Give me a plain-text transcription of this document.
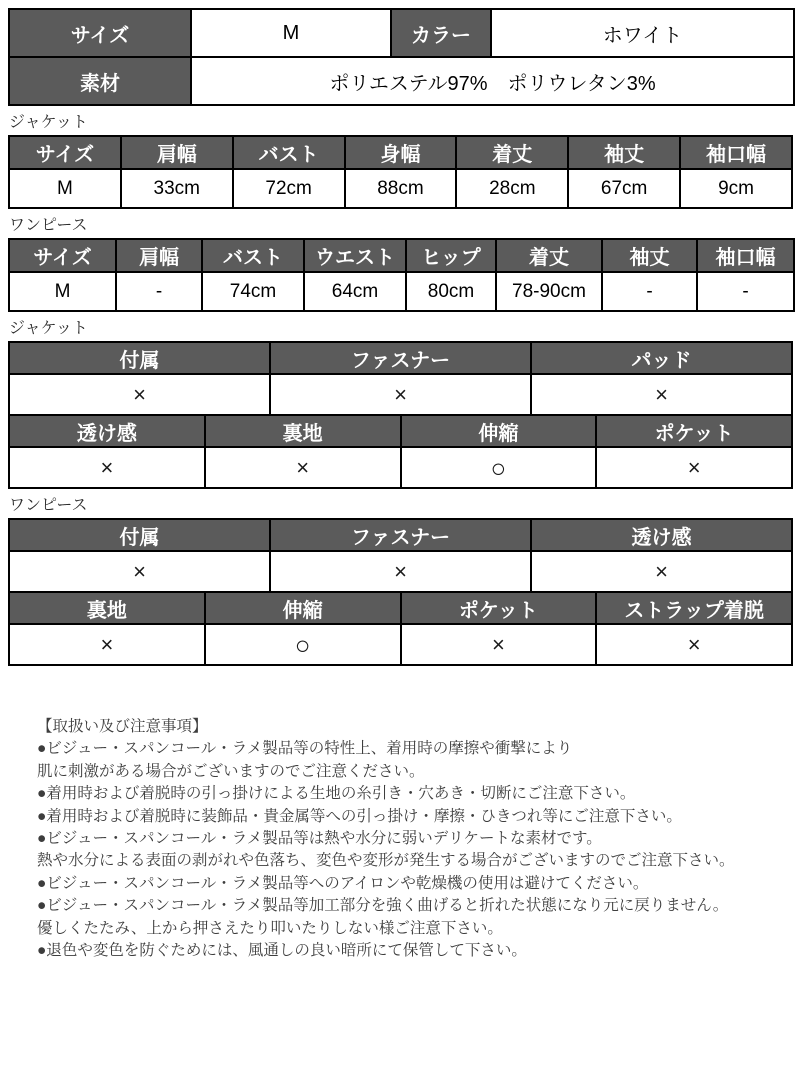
サイズ	M	カラー	ホワイト
素材	ポリエステル97%　ポリウレタン3%		
ジャケット
サイズ	肩幅	バスト	身幅	着丈	袖丈	袖口幅
M	33cm	72cm	88cm	28cm	67cm	9cm
ワンピース
サイズ	肩幅	バスト	ウエスト	ヒップ	着丈	袖丈	袖口幅
M	-	74cm	64cm	80cm	78-90cm	-	-
ジャケット
付属	ファスナー	パッド
×	×	×
透け感	裏地	伸縮	ポケット
×	×	○	×
ワンピース
付属	ファスナー	透け感
×	×	×
裏地	伸縮	ポケット	ストラップ着脱
×	○	×	×
【取扱い及び注意事項】
●ビジュー・スパンコール・ラメ製品等の特性上、着用時の摩擦や衝撃により
肌に刺激がある場合がございますのでご注意ください。
●着用時および着脱時の引っ掛けによる生地の糸引き・穴あき・切断にご注意下さい。
●着用時および着脱時に装飾品・貴金属等への引っ掛け・摩擦・ひきつれ等にご注意下さい。
●ビジュー・スパンコール・ラメ製品等は熱や水分に弱いデリケートな素材です。
熱や水分による表面の剥がれや色落ち、変色や変形が発生する場合がございますのでご注意下さい。
●ビジュー・スパンコール・ラメ製品等へのアイロンや乾燥機の使用は避けてください。
●ビジュー・スパンコール・ラメ製品等加工部分を強く曲げると折れた状態になり元に戻りません。
優しくたたみ、上から押さえたり叩いたりしない様ご注意下さい。
●退色や変色を防ぐためには、風通しの良い暗所にて保管して下さい。
